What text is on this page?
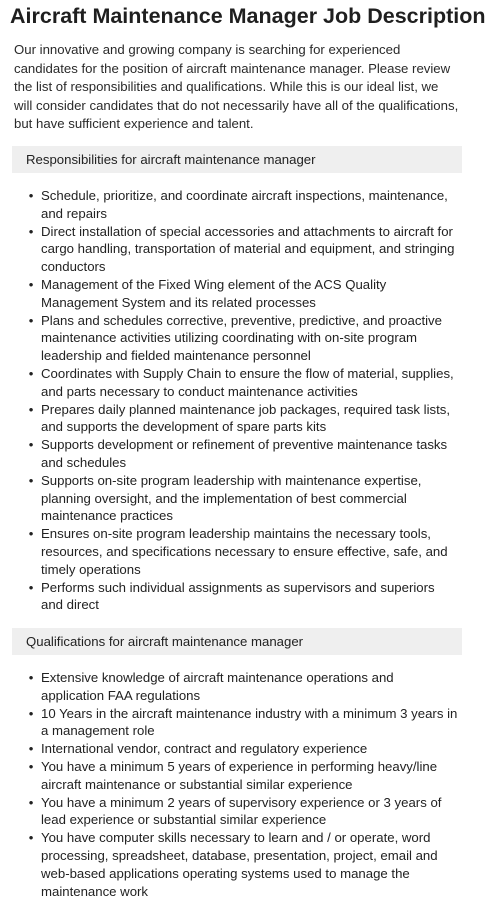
Aircraft Maintenance Manager Job Description

Our innovative and growing company is searching for experienced candidates for the position of aircraft maintenance manager. Please review the list of responsibilities and qualifications. While this is our ideal list, we will consider candidates that do not necessarily have all of the qualifications, but have sufficient experience and talent.

Responsibilities for aircraft maintenance manager
• Schedule, prioritize, and coordinate aircraft inspections, maintenance, and repairs
• Direct installation of special accessories and attachments to aircraft for cargo handling, transportation of material and equipment, and stringing conductors
• Management of the Fixed Wing element of the ACS Quality Management System and its related processes
• Plans and schedules corrective, preventive, predictive, and proactive maintenance activities utilizing coordinating with on-site program leadership and fielded maintenance personnel
• Coordinates with Supply Chain to ensure the flow of material, supplies, and parts necessary to conduct maintenance activities
• Prepares daily planned maintenance job packages, required task lists, and supports the development of spare parts kits
• Supports development or refinement of preventive maintenance tasks and schedules
• Supports on-site program leadership with maintenance expertise, planning oversight, and the implementation of best commercial maintenance practices
• Ensures on-site program leadership maintains the necessary tools, resources, and specifications necessary to ensure effective, safe, and timely operations
• Performs such individual assignments as supervisors and superiors and direct
Qualifications for aircraft maintenance manager
• Extensive knowledge of aircraft maintenance operations and application FAA regulations
• 10 Years in the aircraft maintenance industry with a minimum 3 years in a management role
• International vendor, contract and regulatory experience
• You have a minimum 5 years of experience in performing heavy/line aircraft maintenance or substantial similar experience
• You have a minimum 2 years of supervisory experience or 3 years of lead experience or substantial similar experience
• You have computer skills necessary to learn and / or operate, word processing, spreadsheet, database, presentation, project, email and web-based applications operating systems used to manage the maintenance work
